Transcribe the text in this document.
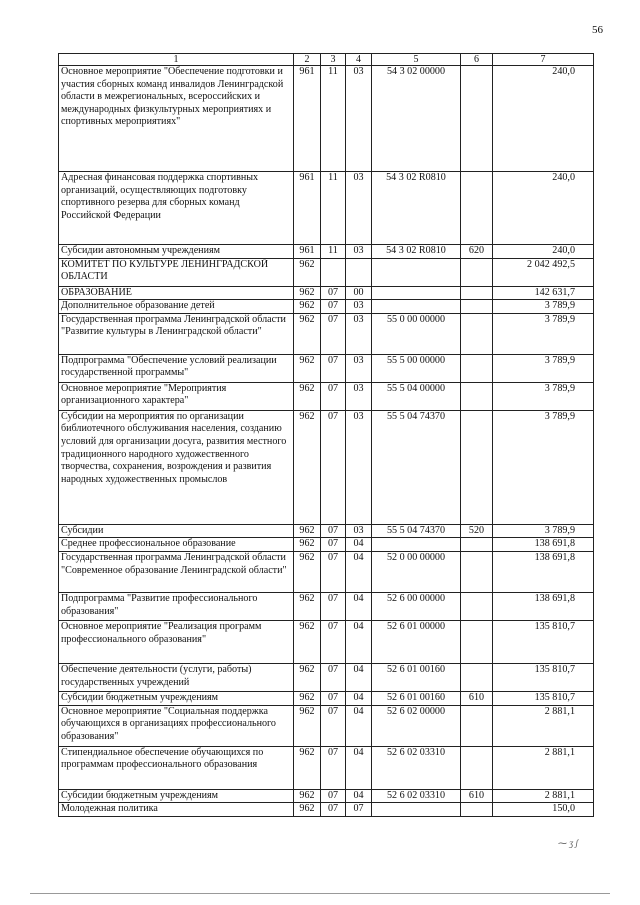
56
1	2	3	4	5	6	7
Основное мероприятие "Обеспечение подготовки и участия сборных команд инвалидов Ленинградской области в межрегиональных, всероссийских и международных физкультурных мероприятиях и спортивных мероприятиях"	961	11	03	54 3 02 00000		240,0
Адресная финансовая поддержка спортивных организаций, осуществляющих подготовку спортивного резерва для сборных команд Российской Федерации	961	11	03	54 3 02 R0810		240,0
Субсидии автономным учреждениям	961	11	03	54 3 02 R0810	620	240,0
КОМИТЕТ ПО КУЛЬТУРЕ ЛЕНИНГРАДСКОЙ ОБЛАСТИ	962					2 042 492,5
ОБРАЗОВАНИЕ	962	07	00			142 631,7
Дополнительное образование детей	962	07	03			3 789,9
Государственная программа Ленинградской области "Развитие культуры в Ленинградской области"	962	07	03	55 0 00 00000		3 789,9
Подпрограмма "Обеспечение условий реализации государственной программы"	962	07	03	55 5 00 00000		3 789,9
Основное мероприятие "Мероприятия организационного характера"	962	07	03	55 5 04 00000		3 789,9
Субсидии на мероприятия по организации библиотечного обслуживания населения, созданию условий для организации досуга, развития местного традиционного народного художественного творчества, сохранения, возрождения и развития народных художественных промыслов	962	07	03	55 5 04 74370		3 789,9
Субсидии	962	07	03	55 5 04 74370	520	3 789,9
Среднее профессиональное образование	962	07	04			138 691,8
Государственная программа Ленинградской области "Современное образование Ленинградской области"	962	07	04	52 0 00 00000		138 691,8
Подпрограмма "Развитие профессионального образования"	962	07	04	52 6 00 00000		138 691,8
Основное мероприятие "Реализация программ профессионального образования"	962	07	04	52 6 01 00000		135 810,7
Обеспечение деятельности (услуги, работы) государственных учреждений	962	07	04	52 6 01 00160		135 810,7
Субсидии бюджетным учреждениям	962	07	04	52 6 01 00160	610	135 810,7
Основное мероприятие "Социальная поддержка обучающихся в организациях профессионального образования"	962	07	04	52 6 02 00000		2 881,1
Стипендиальное обеспечение обучающихся по программам профессионального образования	962	07	04	52 6 02 03310		2 881,1
Субсидии бюджетным учреждениям	962	07	04	52 6 02 03310	610	2 881,1
Молодежная политика	962	07	07			150,0
⁓ ʒ ʃ
